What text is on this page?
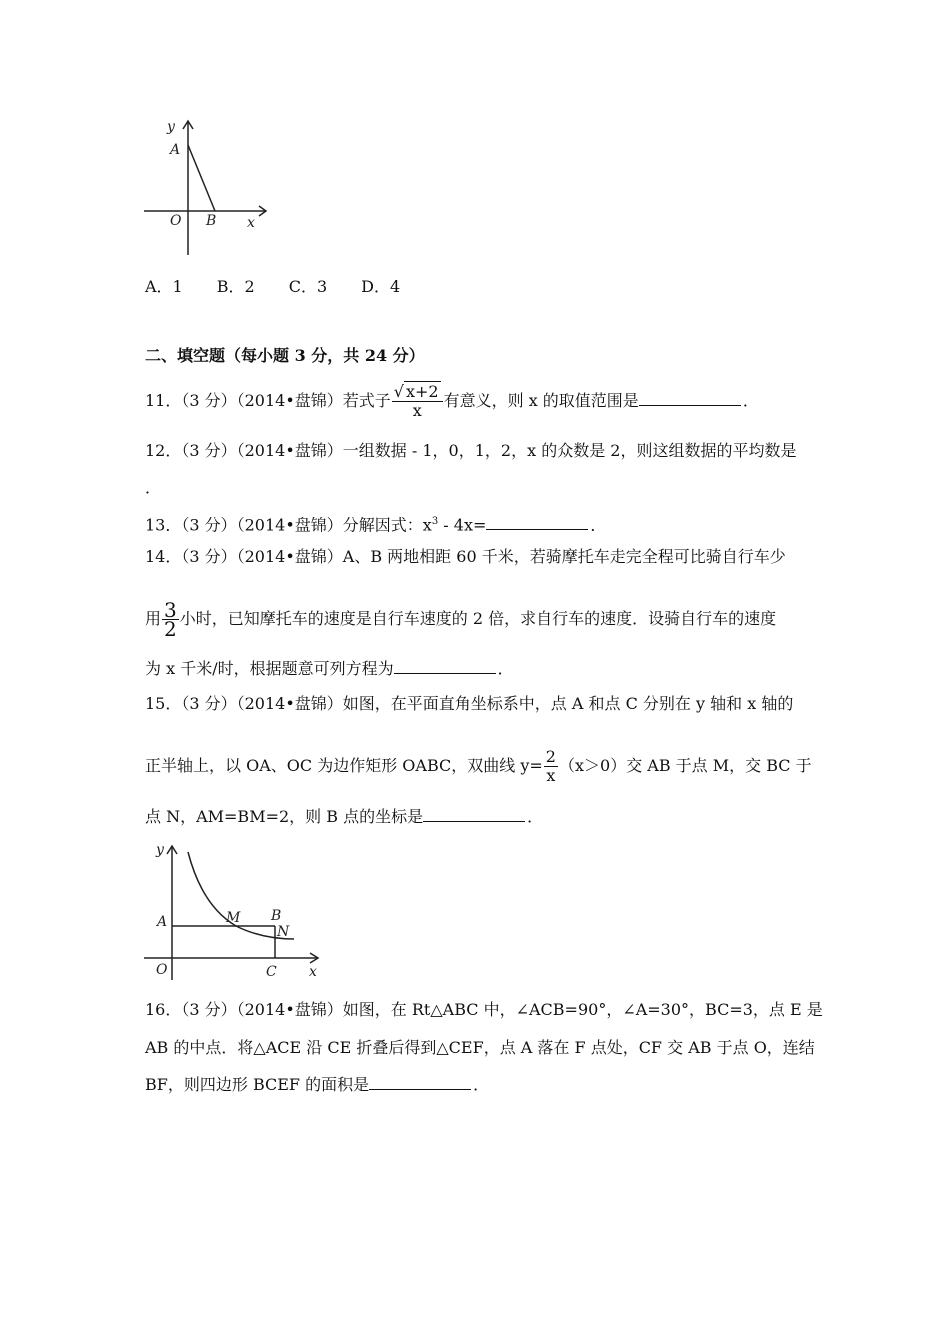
y
A
O B x
A．1 B．2 C．3 D．4
二、填空题（每小题 3 分，共 24 分）
11．（3 分）（2014•盘锦）若式子 $\frac{√ x+2}{x}$ 有意义，则 x 的取值范围是	．
12．（3 分）（2014•盘锦）一组数据 - 1，0，1，2，x 的众数是 2，则这组数据的平均数是
．
13．（3 分）（2014•盘锦）分解因式：$x^3 - 4x=$	．
14．（3 分）（2014•盘锦）A、B 两地相距 60 千米，若骑摩托车走完全程可比骑自行车少
用 $\frac{3}{2}$ 小时，已知摩托车的速度是自行车速度的 2 倍，求自行车的速度．设骑自行车的速度
为 x 千米/时，根据题意可列方程为	．
15．（3 分）（2014•盘锦）如图，在平面直角坐标系中，点 A 和点 C 分别在 y 轴和 x 轴的
正半轴上，以 OA、OC 为边作矩形 OABC，双曲线 $y= \frac{2}{x} (x>0)$交 AB 于点 M，交 BC 于
点 N，AM=BM=2，则 B 点的坐标是	．
y
A	M B
N
O	C x
16．（3 分）（2014•盘锦）如图，在 Rt△ABC 中，∠ACB=90°，∠A=30°，BC=3，点 E 是
AB 的中点．将△ACE 沿 CE 折叠后得到△CEF，点 A 落在 F 点处，CF 交 AB 于点 O，连结
BF，则四边形 BCEF 的面积是	．
